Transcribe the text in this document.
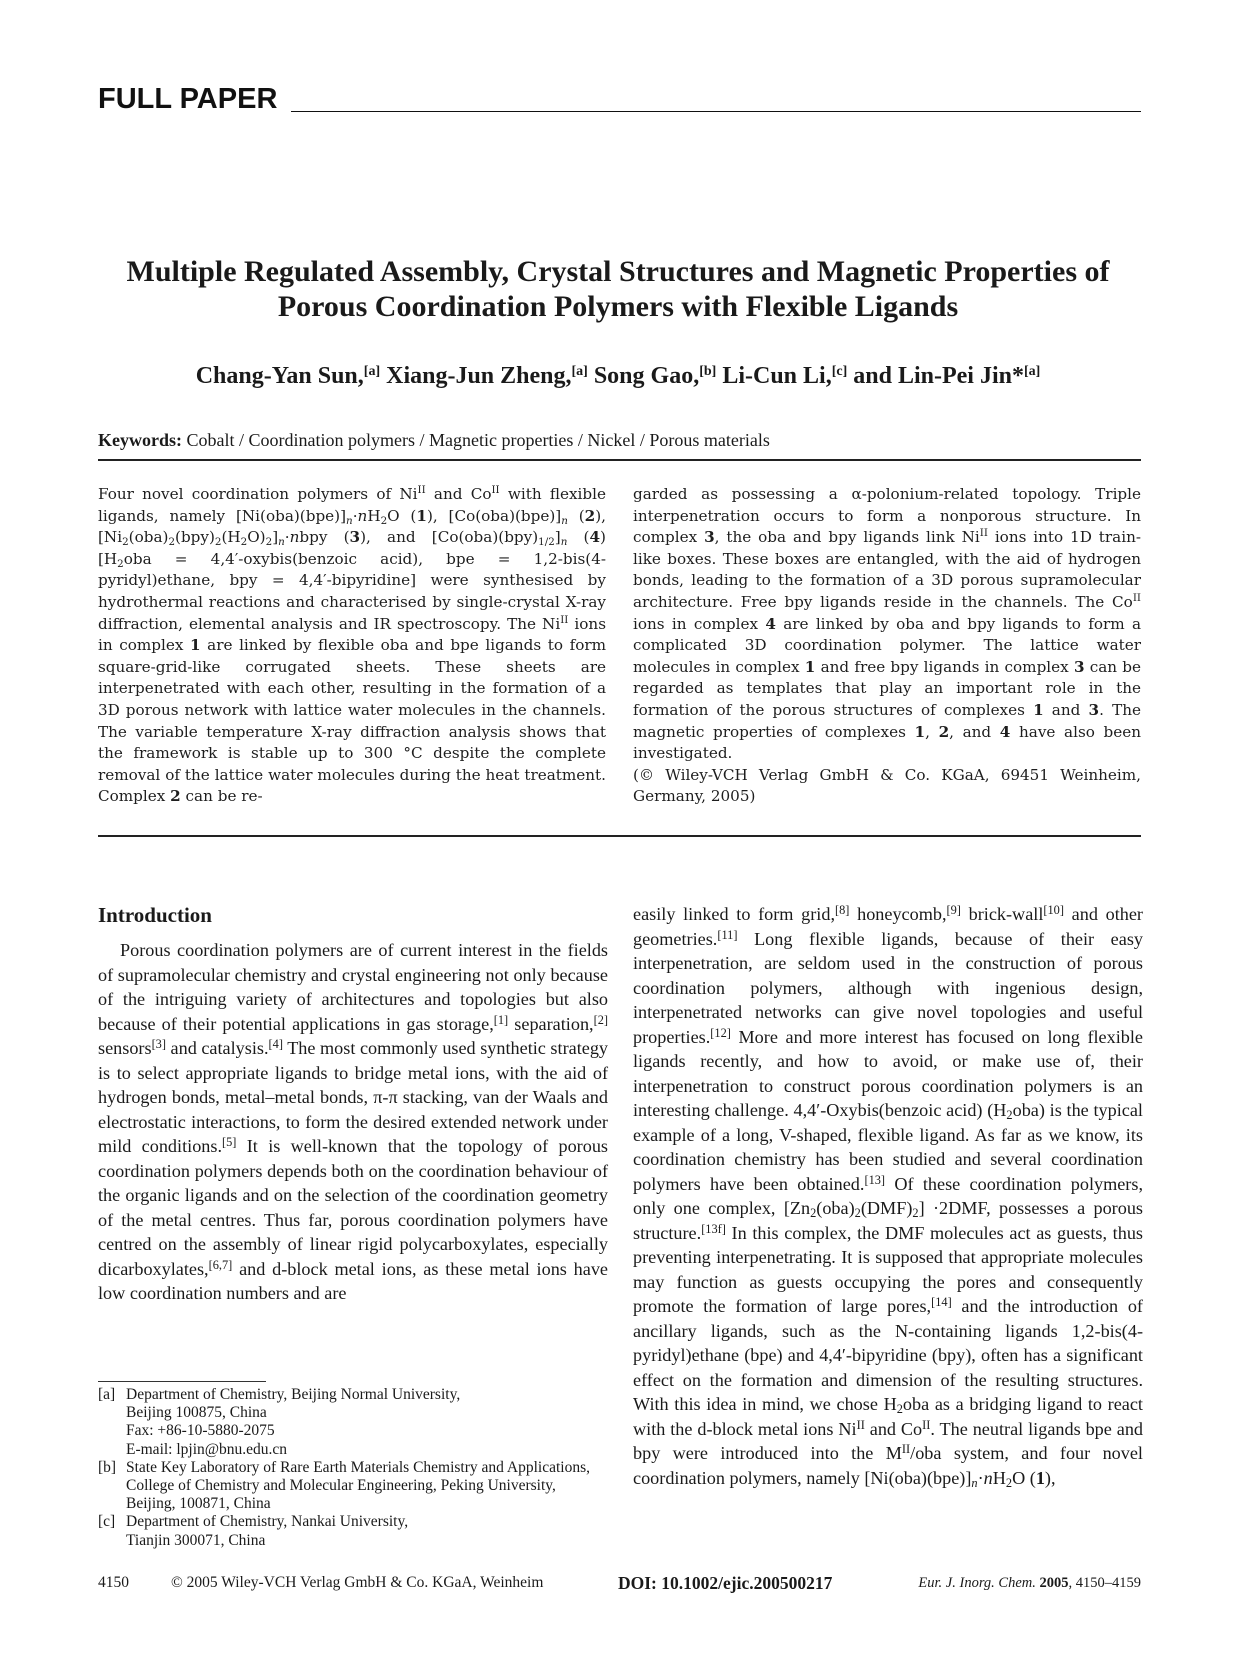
FULL PAPER
Multiple Regulated Assembly, Crystal Structures and Magnetic Properties of
Porous Coordination Polymers with Flexible Ligands
Chang-Yan Sun,[a] Xiang-Jun Zheng,[a] Song Gao,[b] Li-Cun Li,[c] and Lin-Pei Jin*[a]
Keywords: Cobalt / Coordination polymers / Magnetic properties / Nickel / Porous materials
Four novel coordination polymers of $Ni^{II}$ and $Co^{II}$ with flexible ligands, namely $[Ni(oba)(bpe)]_n\cdot nH_2O$ (1), $[Co(oba)(bpe)]_n$ (2), $[Ni_2(oba)_2(bpy)_2(H_2O)_2]_n\cdot nbpy$ (3), and $[Co(oba)(bpy)_{1/2}]_n$ (4) [$H_2oba$ = 4,4′-oxybis(benzoic acid), bpe = 1,2-bis(4-pyridyl)ethane, bpy = 4,4′-bipyridine] were synthesised by hydrothermal reactions and characterised by single-crystal X-ray diffraction, elemental analysis and IR spectroscopy. The $Ni^{II}$ ions in complex 1 are linked by flexible oba and bpe ligands to form square-grid-like corrugated sheets. These sheets are interpenetrated with each other, resulting in the formation of a 3D porous network with lattice water molecules in the channels. The variable temperature X-ray diffraction analysis shows that the framework is stable up to 300 °C despite the complete removal of the lattice water molecules during the heat treatment. Complex 2 can be re-
garded as possessing a α-polonium-related topology. Triple interpenetration occurs to form a nonporous structure. In complex 3, the oba and bpy ligands link $Ni^{II}$ ions into 1D train-like boxes. These boxes are entangled, with the aid of hydrogen bonds, leading to the formation of a 3D porous supramolecular architecture. Free bpy ligands reside in the channels. The $Co^{II}$ ions in complex 4 are linked by oba and bpy ligands to form a complicated 3D coordination polymer. The lattice water molecules in complex 1 and free bpy ligands in complex 3 can be regarded as templates that play an important role in the formation of the porous structures of complexes 1 and 3. The magnetic properties of complexes 1, 2, and 4 have also been investigated.
(© Wiley-VCH Verlag GmbH & Co. KGaA, 69451 Weinheim, Germany, 2005)
Introduction

Porous coordination polymers are of current interest in the fields of supramolecular chemistry and crystal engineering not only because of the intriguing variety of architectures and topologies but also because of their potential applications in gas storage,[1] separation,[2] sensors[3] and catalysis.[4] The most commonly used synthetic strategy is to select appropriate ligands to bridge metal ions, with the aid of hydrogen bonds, metal–metal bonds, π-π stacking, van der Waals and electrostatic interactions, to form the desired extended network under mild conditions.[5] It is well-known that the topology of porous coordination polymers depends both on the coordination behaviour of the organic ligands and on the selection of the coordination geometry of the metal centres. Thus far, porous coordination polymers have centred on the assembly of linear rigid polycarboxylates, especially dicarboxylates,[6,7] and d-block metal ions, as these metal ions have low coordination numbers and are

easily linked to form grid,[8] honeycomb,[9] brick-wall[10] and other geometries.[11] Long flexible ligands, because of their easy interpenetration, are seldom used in the construction of porous coordination polymers, although with ingenious design, interpenetrated networks can give novel topologies and useful properties.[12] More and more interest has focused on long flexible ligands recently, and how to avoid, or make use of, their interpenetration to construct porous coordination polymers is an interesting challenge. 4,4′-Oxybis(benzoic acid) $(H_2oba)$ is the typical example of a long, V-shaped, flexible ligand. As far as we know, its coordination chemistry has been studied and several coordination polymers have been obtained.[13] Of these coordination polymers, only one complex, $[Zn_2(oba)_2(DMF)_2] \cdot 2DMF$, possesses a porous structure.[13f] In this complex, the DMF molecules act as guests, thus preventing interpenetrating. It is supposed that appropriate molecules may function as guests occupying the pores and consequently promote the formation of large pores,[14] and the introduction of ancillary ligands, such as the N-containing ligands 1,2-bis(4-pyridyl)ethane (bpe) and 4,4′-bipyridine (bpy), often has a significant effect on the formation and dimension of the resulting structures. With this idea in mind, we chose $H_2oba$ as a bridging ligand to react with the d-block metal ions $Ni^{II}$ and $Co^{II}$. The neutral ligands bpe and bpy were introduced into the $M^{II}$/oba system, and four novel coordination polymers, namely $[Ni(oba)(bpe)]_n\cdot nH_2O$ (1),

[a] Department of Chemistry, Beijing Normal University,
Beijing 100875, China
Fax: +86-10-5880-2075
E-mail: lpjin@bnu.edu.cn
[b] State Key Laboratory of Rare Earth Materials Chemistry and Applications, College of Chemistry and Molecular Engineering, Peking University,
Beijing, 100871, China
[c] Department of Chemistry, Nankai University,
Tianjin 300071, China
4150	© 2005 Wiley-VCH Verlag GmbH & Co. KGaA, Weinheim	DOI: 10.1002/ejic.200500217	Eur. J. Inorg. Chem. 2005, 4150–4159
